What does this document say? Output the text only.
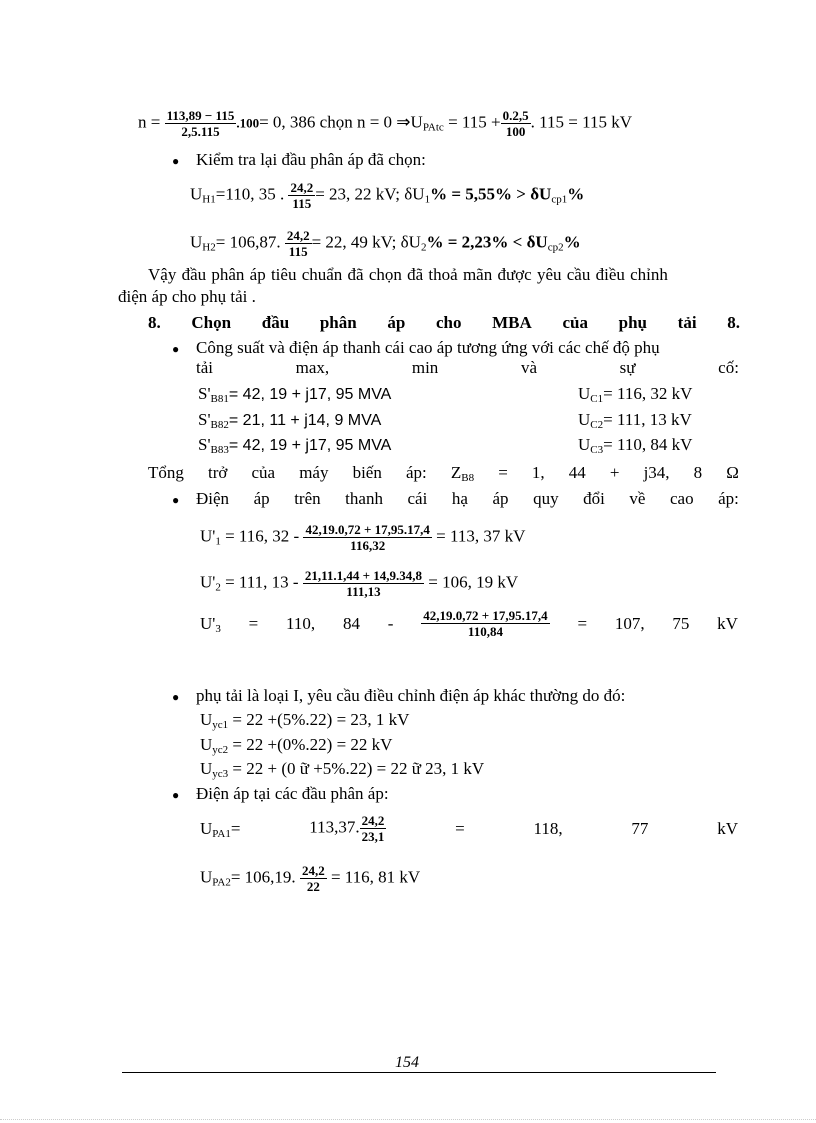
$n = \frac{113,89 - 115}{2,5.115} .100= 0$, 386 chọn n = 0 $\Rightarrow U_{PAtc} = 115 + \frac{0.2,5}{100}$ . 115 = 115 kV
● Kiểm tra lại đầu phân áp đã chọn:
$U_{H1}=110$, 35 . $\frac{24,2}{115} = 23$, 22 kV; $\delta U_1\% = 5,55\% > \delta U_{cp1}\%$
$U_{H2}= 106,87$. $\frac{24,2}{115} = 22$, 49 kV; $\delta U_2\% = 2,23\% < \delta U_{cp2}\%$
Vậy đầu phân áp tiêu chuẩn đã chọn đã thoả mãn được yêu cầu điều chỉnh
điện áp cho phụ tải .
8. Chọn đầu phân áp cho MBA của phụ tải 8.
● Công suất và điện áp thanh cái cao áp tương ứng với các chế độ phụ
tải	max,	min	và	sự	cố:
$S'_{B81}= 42$, 19 + j17, 95 MVA	$U_{C1}= 116$, 32 kV
$S'_{B82}= 21$, 11 + j14, 9 MVA	$U_{C2}= 111$, 13 kV
$S'_{B83}= 42$, 19 + j17, 95 MVA	$U_{C3}= 110$, 84 kV
Tổng trở của máy biến áp: $Z_{B8} = 1$, 44 + j34, 8 Ω
● Điện áp trên thanh cái hạ áp quy đổi về cao áp:
$U'_1 = 116$, $32 - \frac{42,19.0,72 + 17,95.17,4}{116,32} = 113$, 37 kV
$U'_2 = 111$, $13 - \frac{21,11.1,44 + 14,9.34,8}{111,13} = 106$, 19 kV
$U'_3 = 110$, $84 - \frac{42,19.0,72 + 17,95.17,4}{110,84} = 107$, 75 kV
● phụ tải là loại I, yêu cầu điều chỉnh điện áp khác thường do đó:
$U_{yc1} = 22 +(5\%.22) = 23$, 1 kV
$U_{yc2} = 22 +(0\%.22) = 22$ kV
$U_{yc3} = 22 + (0$ ữ +5%.22) = 22 ữ 23, 1 kV
● Điện áp tại các đầu phân áp:
$U_{PA1}=$	113,37. $\frac{24,2}{23,1}$	=	118,	77	kV
$U_{PA2}= 106,19$. $\frac{24,2}{22} = 116$, 81 kV
154
